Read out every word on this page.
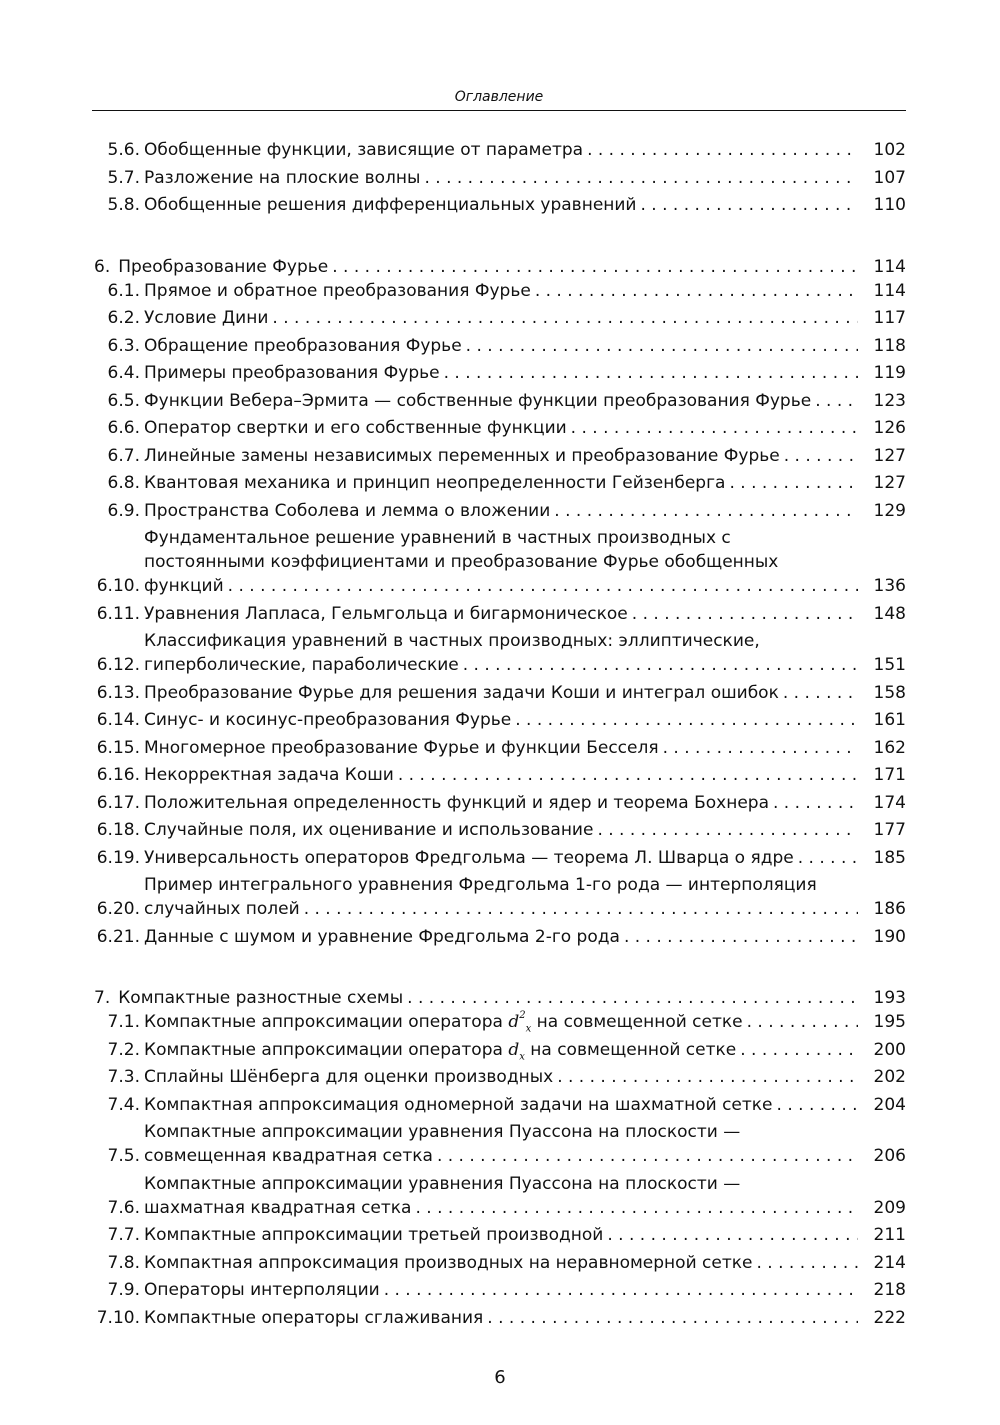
Оглавление
5.6. Обобщенные функции, зависящие от параметра . . .	102
5.7. Разложение на плоские волны . . .	107
5.8. Обобщенные решения дифференциальных уравнений . . .	110
6. Преобразование Фурье . . .	114
6.1. Прямое и обратное преобразования Фурье . . .	114
6.2. Условие Дини . . .	117
6.3. Обращение преобразования Фурье . . .	118
6.4. Примеры преобразования Фурье . . .	119
6.5. Функции Вебера–Эрмита — собственные функции преобразования Фурье . . .	123
6.6. Оператор свертки и его собственные функции . . .	126
6.7. Линейные замены независимых переменных и преобразование Фурье . . .	127
6.8. Квантовая механика и принцип неопределенности Гейзенберга . . .	127
6.9. Пространства Соболева и лемма о вложении . . .	129
6.10.
Фундаментальное решение уравнений в частных производных с
постоянными коэффициентами и преобразование Фурье обобщенных
функций . . .	136
6.11. Уравнения Лапласа, Гельмгольца и бигармоническое . . .	148
6.12.
Классификация уравнений в частных производных: эллиптические,
гиперболические, параболические . . .	151
6.13. Преобразование Фурье для решения задачи Коши и интеграл ошибок . . .	158
6.14. Синус- и косинус-преобразования Фурье . . .	161
6.15. Многомерное преобразование Фурье и функции Бесселя . . .	162
6.16. Некорректная задача Коши . . .	171
6.17. Положительная определенность функций и ядер и теорема Бохнера . . .	174
6.18. Случайные поля, их оценивание и использование . . .	177
6.19. Универсальность операторов Фредгольма — теорема Л. Шварца о ядре . . .	185
6.20.
Пример интегрального уравнения Фредгольма 1-го рода — интерполяция
случайных полей . . .	186
6.21. Данные с шумом и уравнение Фредгольма 2-го рода . . .	190
7. Компактные разностные схемы . . .	193
7.1. Компактные аппроксимации оператора $d^2_x$ на совмещенной сетке . . .	195
7.2. Компактные аппроксимации оператора $d_x$ на совмещенной сетке . . .	200
7.3. Сплайны Шёнберга для оценки производных . . .	202
7.4. Компактная аппроксимация одномерной задачи на шахматной сетке . . .	204
7.5.
Компактные аппроксимации уравнения Пуассона на плоскости —
совмещенная квадратная сетка . . .	206
7.6.
Компактные аппроксимации уравнения Пуассона на плоскости —
шахматная квадратная сетка . . .	209
7.7. Компактные аппроксимации третьей производной . . .	211
7.8. Компактная аппроксимация производных на неравномерной сетке . . .	214
7.9. Операторы интерполяции . . .	218
7.10. Компактные операторы сглаживания . . .	222
6
